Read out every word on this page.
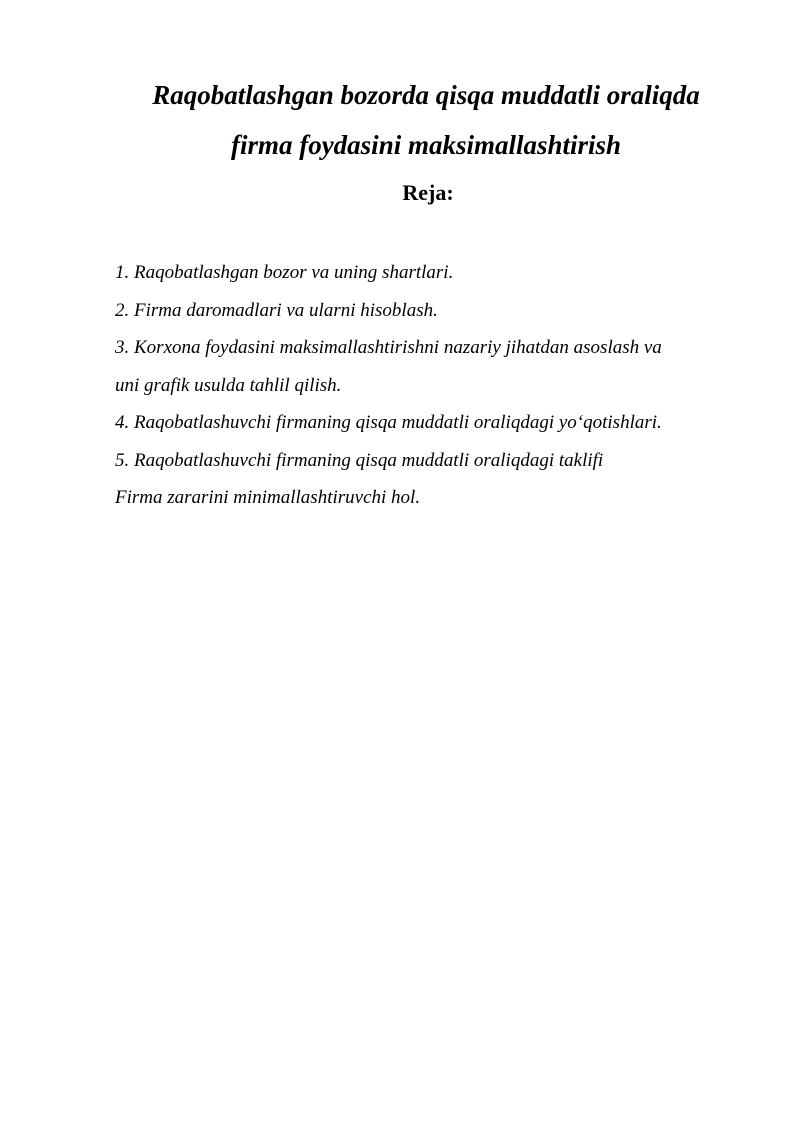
Raqobatlashgan bozorda qisqa muddatli oraliqda
firma foydasini maksimallashtirish
Reja:
1. Raqobatlashgan bozor va uning shartlari.
2. Firma daromadlari va ularni hisoblash.
3. Korxona foydasini maksimallashtirishni nazariy jihatdan asoslash va
uni grafik usulda tahlil qilish.
4. Raqobatlashuvchi firmaning qisqa muddatli oraliqdagi yo‘qotishlari.
5. Raqobatlashuvchi firmaning qisqa muddatli oraliqdagi taklifi
Firma zararini minimallashtiruvchi hol.
